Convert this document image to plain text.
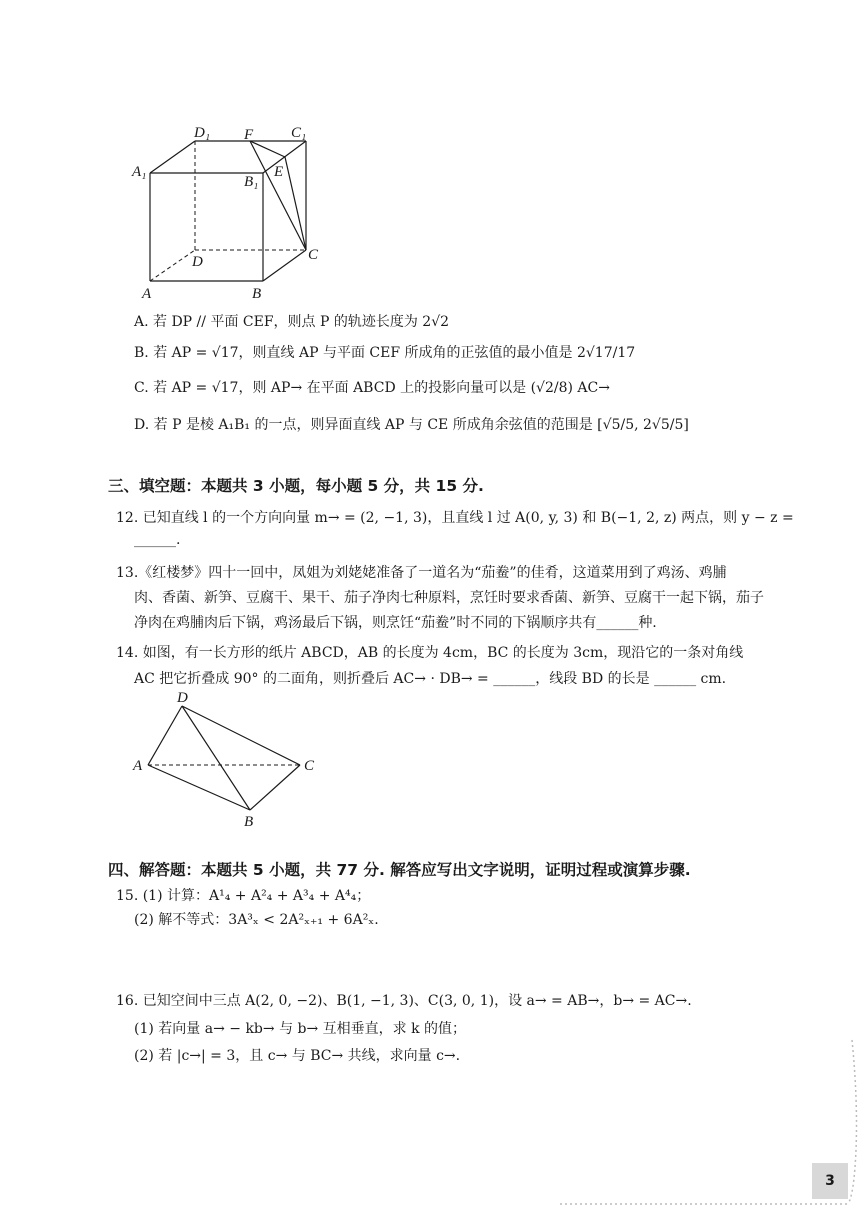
D₁ F	C₁
A₁
B₁
E
D	C
A	B
A. 若 DP // 平面 CEF，则点 P 的轨迹长度为 2√2
B. 若 AP = √17，则直线 AP 与平面 CEF 所成角的正弦值的最小值是 2√17/17
C. 若 AP = √17，则 AP→ 在平面 ABCD 上的投影向量可以是 (√2/8) AC→
D. 若 P 是棱 A₁B₁ 的一点，则异面直线 AP 与 CE 所成角余弦值的范围是 [√5/5, 2√5/5]
三、填空题：本题共 3 小题，每小题 5 分，共 15 分.
12. 已知直线 l 的一个方向向量 m→ = (2, −1, 3)，且直线 l 过 A(0, y, 3) 和 B(−1, 2, z) 两点，则 y − z =
______.
13.《红楼梦》四十一回中，凤姐为刘姥姥准备了一道名为“茄鲞”的佳肴，这道菜用到了鸡汤、鸡脯
肉、香菌、新笋、豆腐干、果干、茄子净肉七种原料，烹饪时要求香菌、新笋、豆腐干一起下锅，茄子
净肉在鸡脯肉后下锅，鸡汤最后下锅，则烹饪“茄鲞”时不同的下锅顺序共有______种.
14. 如图，有一长方形的纸片 ABCD，AB 的长度为 4cm，BC 的长度为 3cm，现沿它的一条对角线
AC 把它折叠成 90° 的二面角，则折叠后 AC→ · DB→ = ______，线段 BD 的长是 ______ cm.
D
A	C
B
四、解答题：本题共 5 小题，共 77 分. 解答应写出文字说明，证明过程或演算步骤.
15. (1) 计算：A¹₄ + A²₄ + A³₄ + A⁴₄；
(2) 解不等式：3A³ₓ < 2A²ₓ₊₁ + 6A²ₓ.
16. 已知空间中三点 A(2, 0, −2)、B(1, −1, 3)、C(3, 0, 1)，设 a→ = AB→，b→ = AC→.
(1) 若向量 a→ − kb→ 与 b→ 互相垂直，求 k 的值；
(2) 若 |c→| = 3，且 c→ 与 BC→ 共线，求向量 c→.
3
